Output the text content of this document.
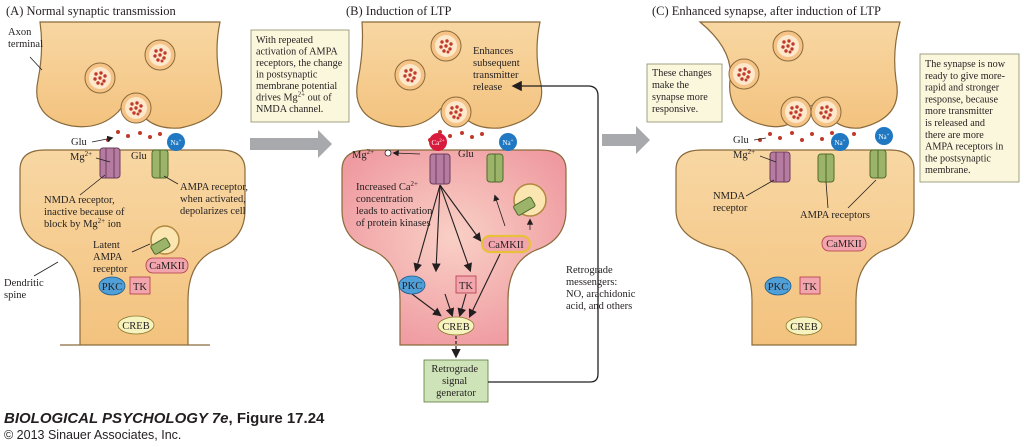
(A) Normal synaptic transmission
Na+
Axon terminal
Glu
$Mg^{2+}$	Glu
NMDA receptor, inactive because of block by $Mg^{2+}$ ion
AMPA receptor, when activated, depolarizes cell
Latent AMPA receptor CaMKII
Dendritic spine
PKC TK
CREB
With repeated activation of AMPA receptors, the change in postsynaptic membrane potential drives $Mg^{2+}$ out of NMDA channel.
(B) Induction of LTP
$Ca^{2+}$	Na+
$Mg^{2+}$	Glu
Increased $Ca^{2+}$ concentration leads to activation of protein kinases
CaMKII
PKC	TK
CREB
Retrograde signal generator
Enhances subsequent transmitter release
Retrograde messengers: NO, arachidonic acid, and others
(C) Enhanced synapse, after induction of LTP
Na+
Na+
Glu
$Mg^{2+}$
NMDA receptor
AMPA receptors
CaMKII
PKC TK
CREB
These changes make the synapse more responsive.
The synapse is now ready to give more- rapid and stronger response, because more transmitter is released and there are more AMPA receptors in the postsynaptic membrane.
BIOLOGICAL PSYCHOLOGY 7e, Figure 17.24
© 2013 Sinauer Associates, Inc.
